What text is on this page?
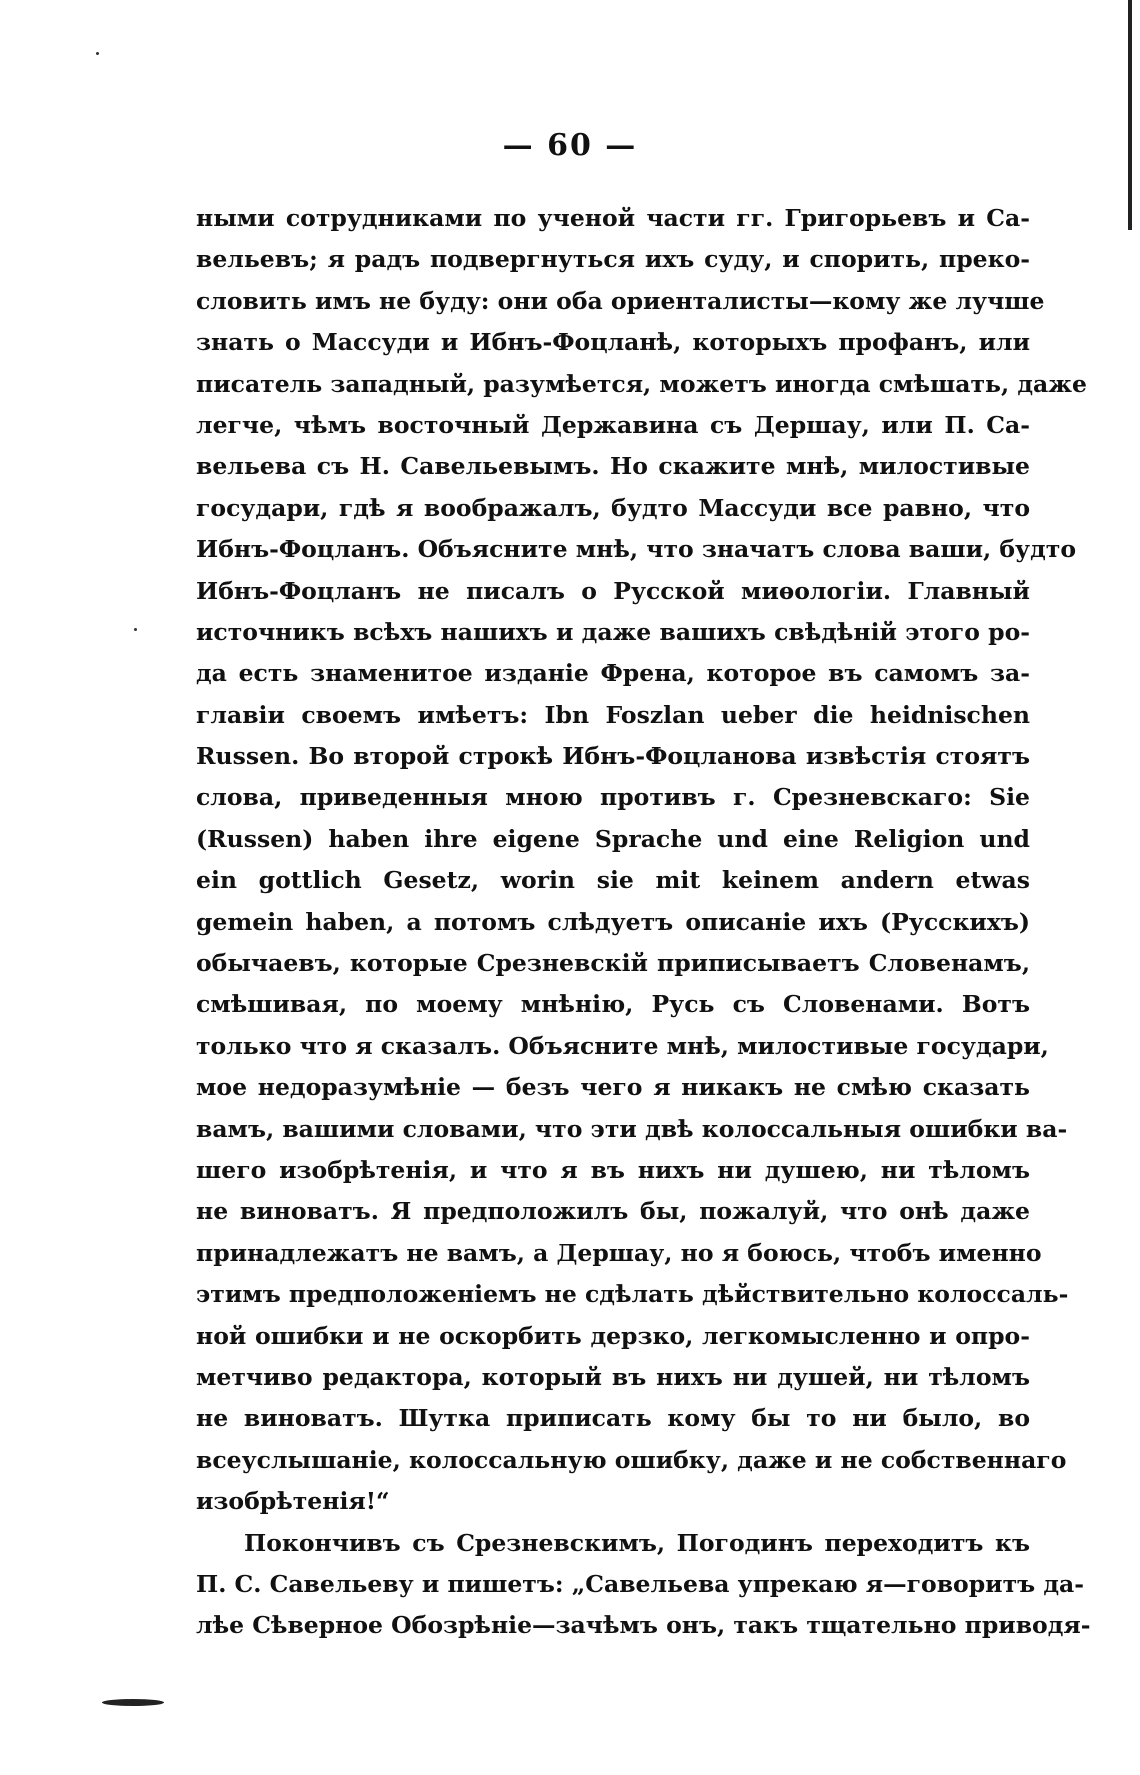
— 60 —
ными сотрудниками по ученой части гг. Григорьевъ и Са-
вельевъ; я радъ подвергнуться ихъ суду, и спорить, прекo-
словить имъ не буду: они оба ориенталисты—кому же лучше
знать о Массуди и Ибнъ-Фоцланѣ, которыхъ профанъ, или
писатель западный, разумѣется, можетъ иногда смѣшать, даже
легче, чѣмъ восточный Державина съ Дершау, или П. Са-
вельева съ Н. Савельевымъ. Но скажите мнѣ, милостивые
государи, гдѣ я воображалъ, будто Массуди все равно, что
Ибнъ-Фоцланъ. Объясните мнѣ, что значатъ слова ваши, будто
Ибнъ-Фоцланъ не писалъ о Русской миѳологіи. Главный
источникъ всѣхъ нашихъ и даже вашихъ свѣдѣній этого ро-
да есть знаменитое изданіе Френа, которое въ самомъ за-
главіи своемъ имѣетъ: Ibn Foszlan ueber die heidnischen
Russen. Во второй строкѣ Ибнъ-Фоцланова извѣстія стоятъ
слова, приведенныя мною противъ г. Срезневскаго: Sie
(Russen) haben ihre eigene Sprache und eine Religion und
ein gottlich Gesetz, worin sie mit keinem andern etwas
gemein haben, а потомъ слѣдуетъ описаніе ихъ (Русскихъ)
обычаевъ, которые Срезневскій приписываетъ Словенамъ,
смѣшивая, по моему мнѣнію, Русь съ Словенами. Вотъ
только что я сказалъ. Объясните мнѣ, милостивые государи,
мое недоразумѣніе — безъ чего я никакъ не смѣю сказать
вамъ, вашими словами, что эти двѣ колоссальныя ошибки ва-
шего изобрѣтенія, и что я въ нихъ ни душею, ни тѣломъ
не виноватъ. Я предположилъ бы, пожалуй, что онѣ даже
принадлежатъ не вамъ, а Дершау, но я боюсь, чтобъ именно
этимъ предположеніемъ не сдѣлать дѣйствительно колоссаль-
ной ошибки и не оскорбить дерзко, легкомысленно и опро-
метчиво редактора, который въ нихъ ни душей, ни тѣломъ
не виноватъ. Шутка приписать кому бы то ни было, во
всеуслышаніе, колоссальную ошибку, даже и не собственнаго
изобрѣтенія!“
Покончивъ съ Срезневскимъ, Погодинъ переходитъ къ
П. С. Савельеву и пишетъ: „Савельева упрекаю я—говоритъ да-
лѣе Сѣверное Обозрѣніе—зачѣмъ онъ, такъ тщательно приводя-
